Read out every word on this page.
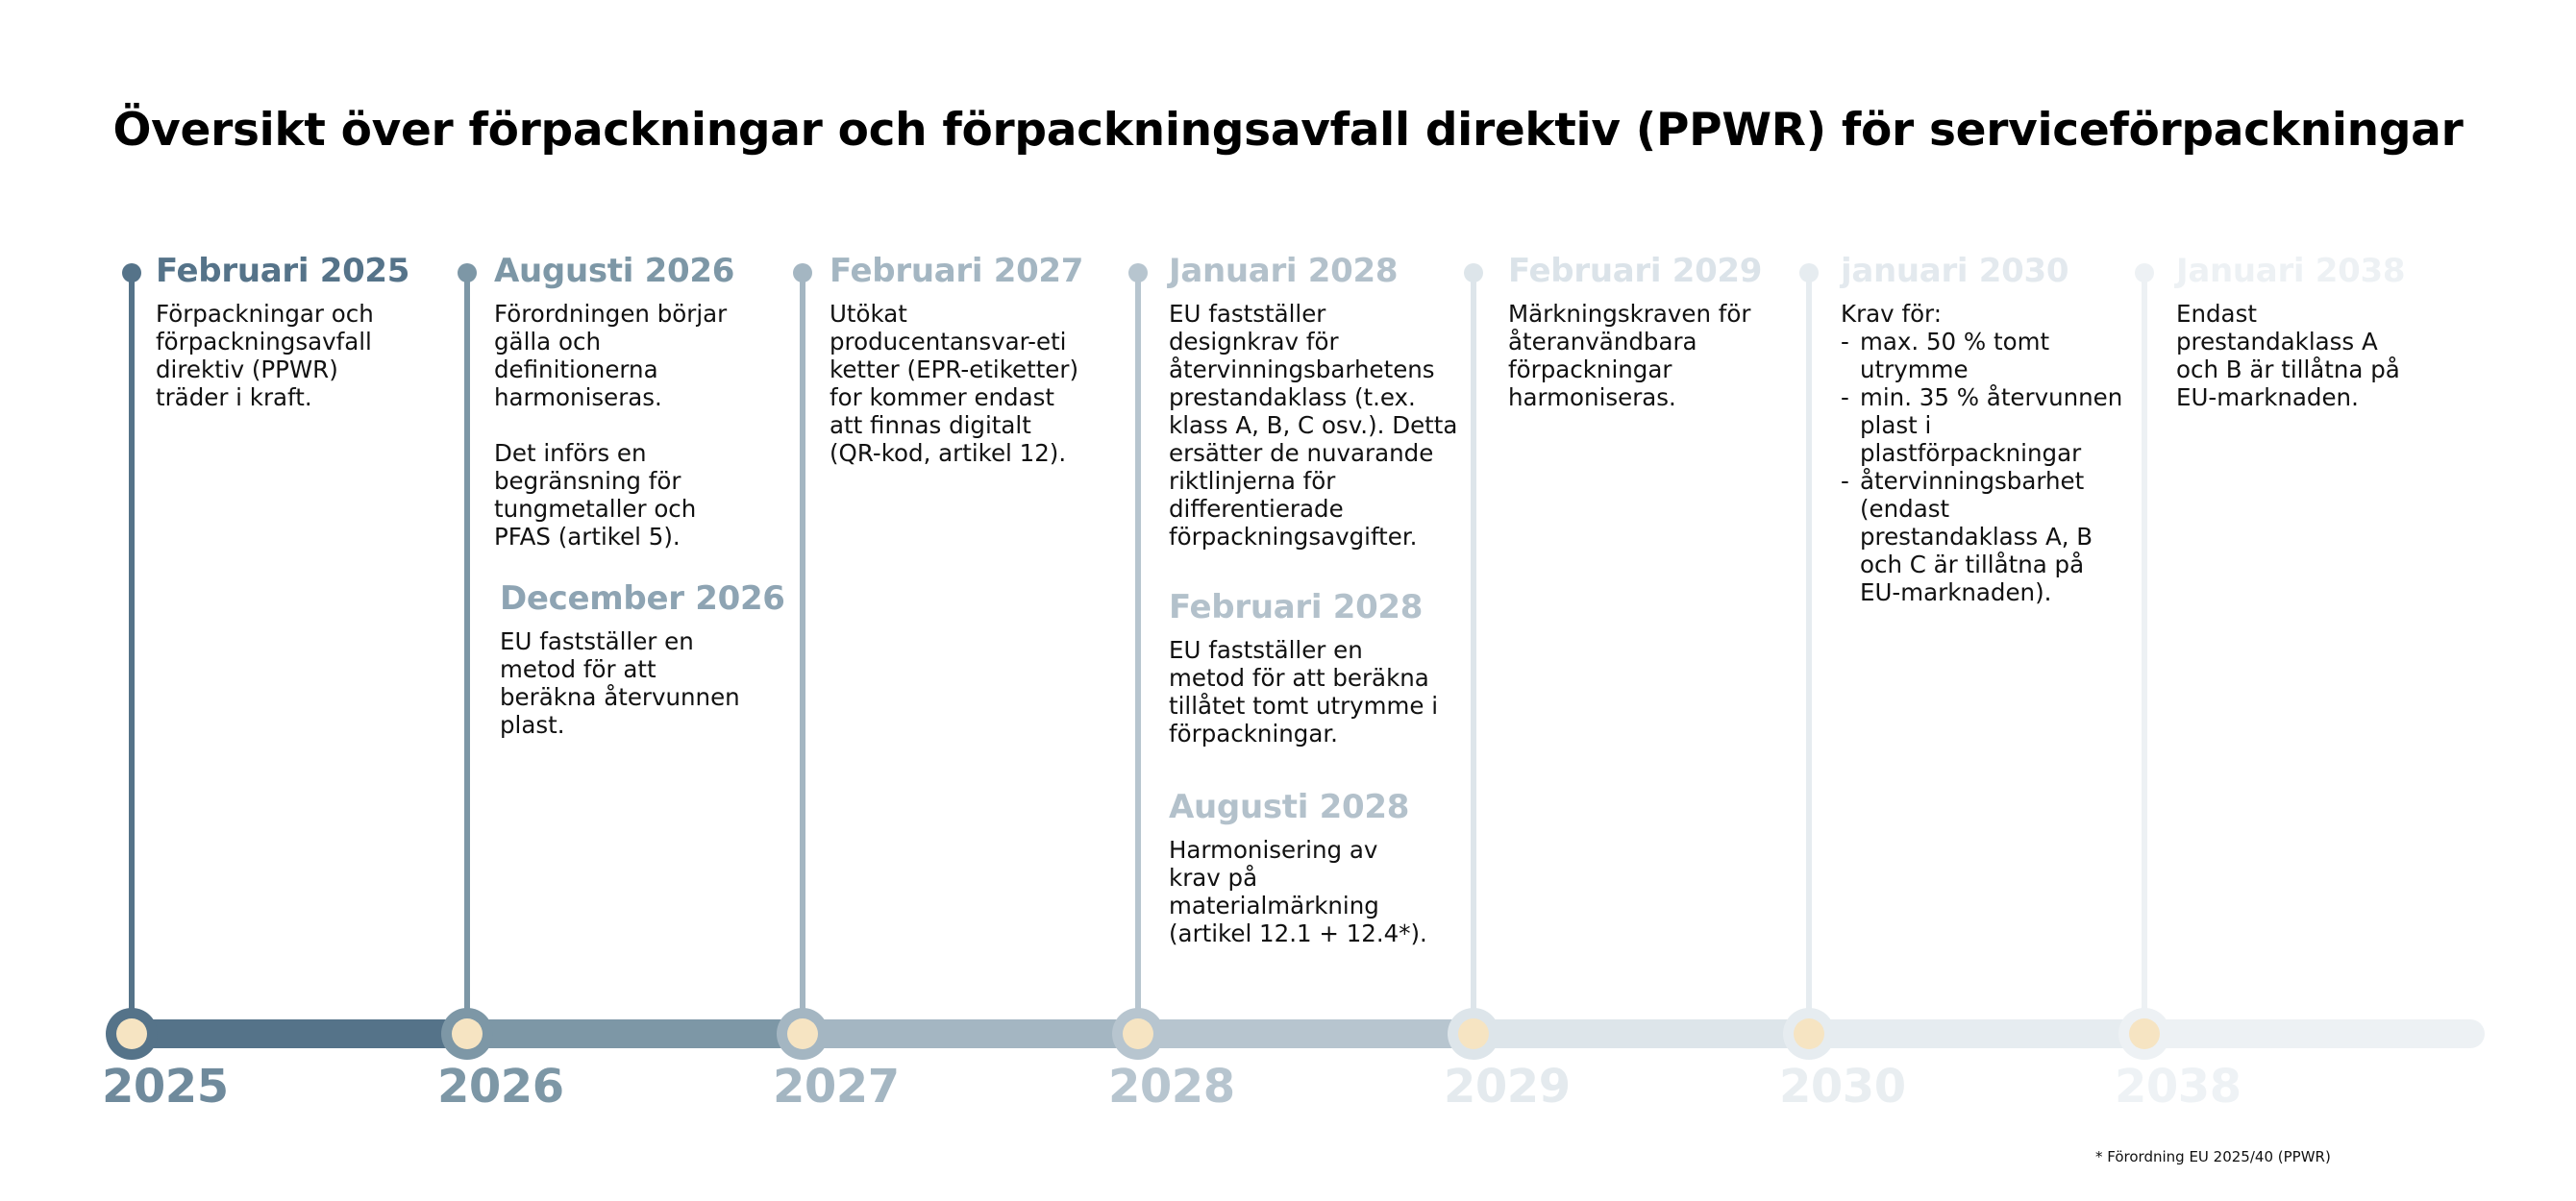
Översikt över förpackningar och förpackningsavfall direktiv (PPWR) för serviceförpackningar
Februari 2025
Förpackningar och
förpackningsavfall
direktiv (PPWR)
träder i kraft.
Augusti 2026
Förordningen börjar
gälla och
definitionerna
harmoniseras.

Det införs en
begränsning för
tungmetaller och
PFAS (artikel 5).
December 2026
EU fastställer en
metod för att
beräkna återvunnen
plast.
Februari 2027
Utökat
producentansvar-eti
ketter (EPR-etiketter)
for kommer endast
att finnas digitalt
(QR-kod, artikel 12).
Januari 2028
EU fastställer
designkrav för
återvinningsbarhetens
prestandaklass (t.ex.
klass A, B, C osv.). Detta
ersätter de nuvarande
riktlinjerna för
differentierade
förpackningsavgifter.
Februari 2028
EU fastställer en
metod för att beräkna
tillåtet tomt utrymme i
förpackningar.
Augusti 2028
Harmonisering av
krav på
materialmärkning
(artikel 12.1 + 12.4*).
Februari 2029
Märkningskraven för
återanvändbara
förpackningar
harmoniseras.
januari 2030
Krav för:
- max. 50 % tomt
utrymme
- min. 35 % återvunnen
plast i
plastförpackningar
- återvinningsbarhet
(endast
prestandaklass A, B
och C är tillåtna på
EU-marknaden).
Januari 2038
Endast
prestandaklass A
och B är tillåtna på
EU-marknaden.
2025	2026	2027	2028	2029	2030	2038
* Förordning EU 2025/40 (PPWR)
